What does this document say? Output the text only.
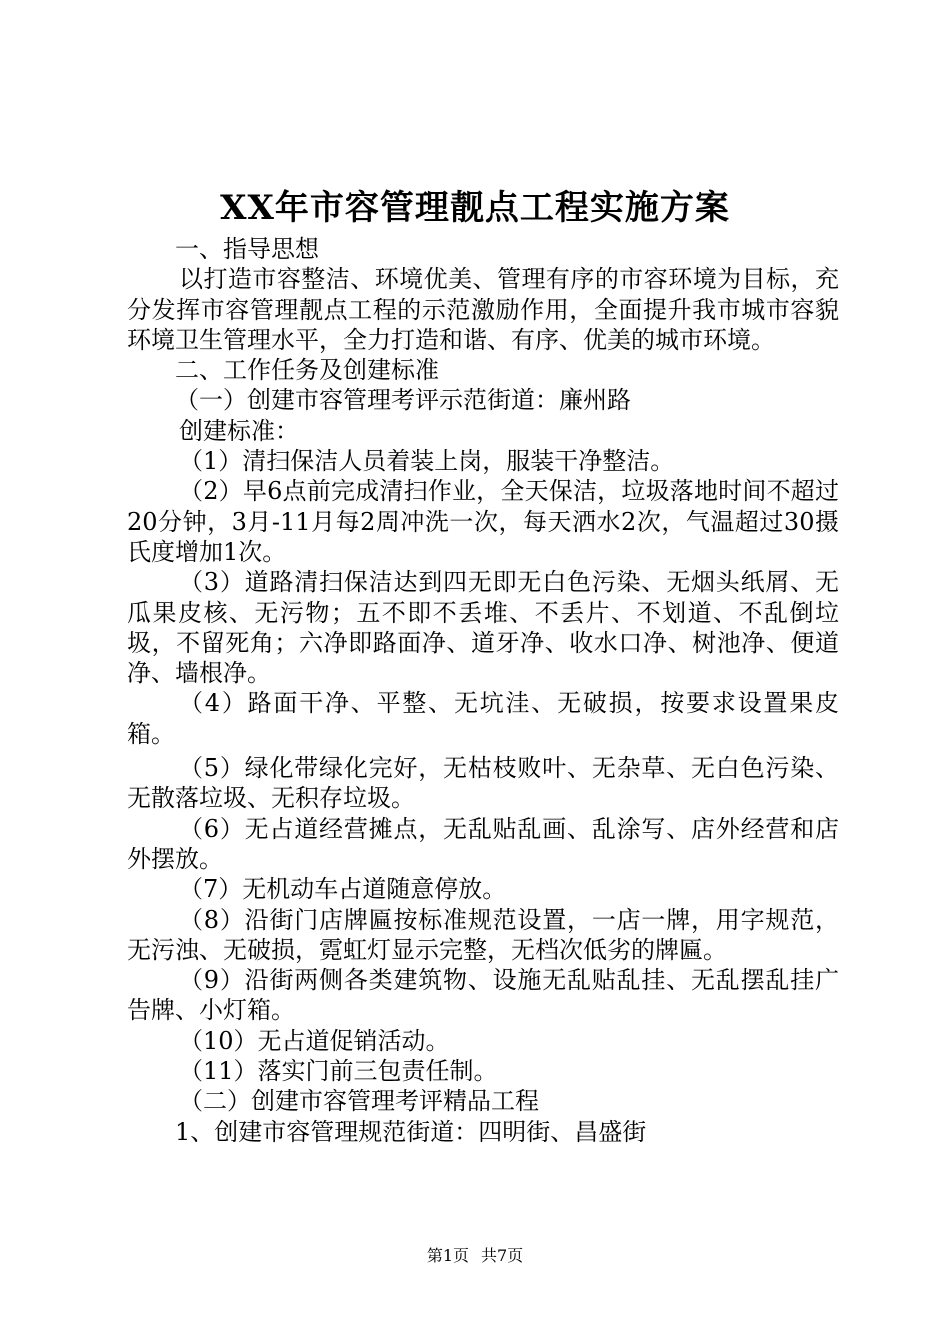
XX年市容管理靓点工程实施方案

一、指导思想

以打造市容整洁、环境优美、管理有序的市容环境为目标，充分发挥市容管理靓点工程的示范激励作用，全面提升我市城市容貌环境卫生管理水平，全力打造和谐、有序、优美的城市环境。

二、工作任务及创建标准

（一）创建市容管理考评示范街道：廉州路

创建标准：

（1）清扫保洁人员着装上岗，服装干净整洁。

（2）早6点前完成清扫作业，全天保洁，垃圾落地时间不超过20分钟，3月-11月每2周冲洗一次，每天洒水2次，气温超过30摄氏度增加1次。

（3）道路清扫保洁达到四无即无白色污染、无烟头纸屑、无瓜果皮核、无污物；五不即不丢堆、不丢片、不划道、不乱倒垃圾，不留死角；六净即路面净、道牙净、收水口净、树池净、便道净、墙根净。

（4）路面干净、平整、无坑洼、无破损，按要求设置果皮箱。

（5）绿化带绿化完好，无枯枝败叶、无杂草、无白色污染、无散落垃圾、无积存垃圾。

（6）无占道经营摊点，无乱贴乱画、乱涂写、店外经营和店外摆放。

（7）无机动车占道随意停放。

（8）沿街门店牌匾按标准规范设置，一店一牌，用字规范，无污浊、无破损，霓虹灯显示完整，无档次低劣的牌匾。

（9）沿街两侧各类建筑物、设施无乱贴乱挂、无乱摆乱挂广告牌、小灯箱。

（10）无占道促销活动。

（11）落实门前三包责任制。

（二）创建市容管理考评精品工程

1、创建市容管理规范街道：四明街、昌盛街

第1页 共7页
